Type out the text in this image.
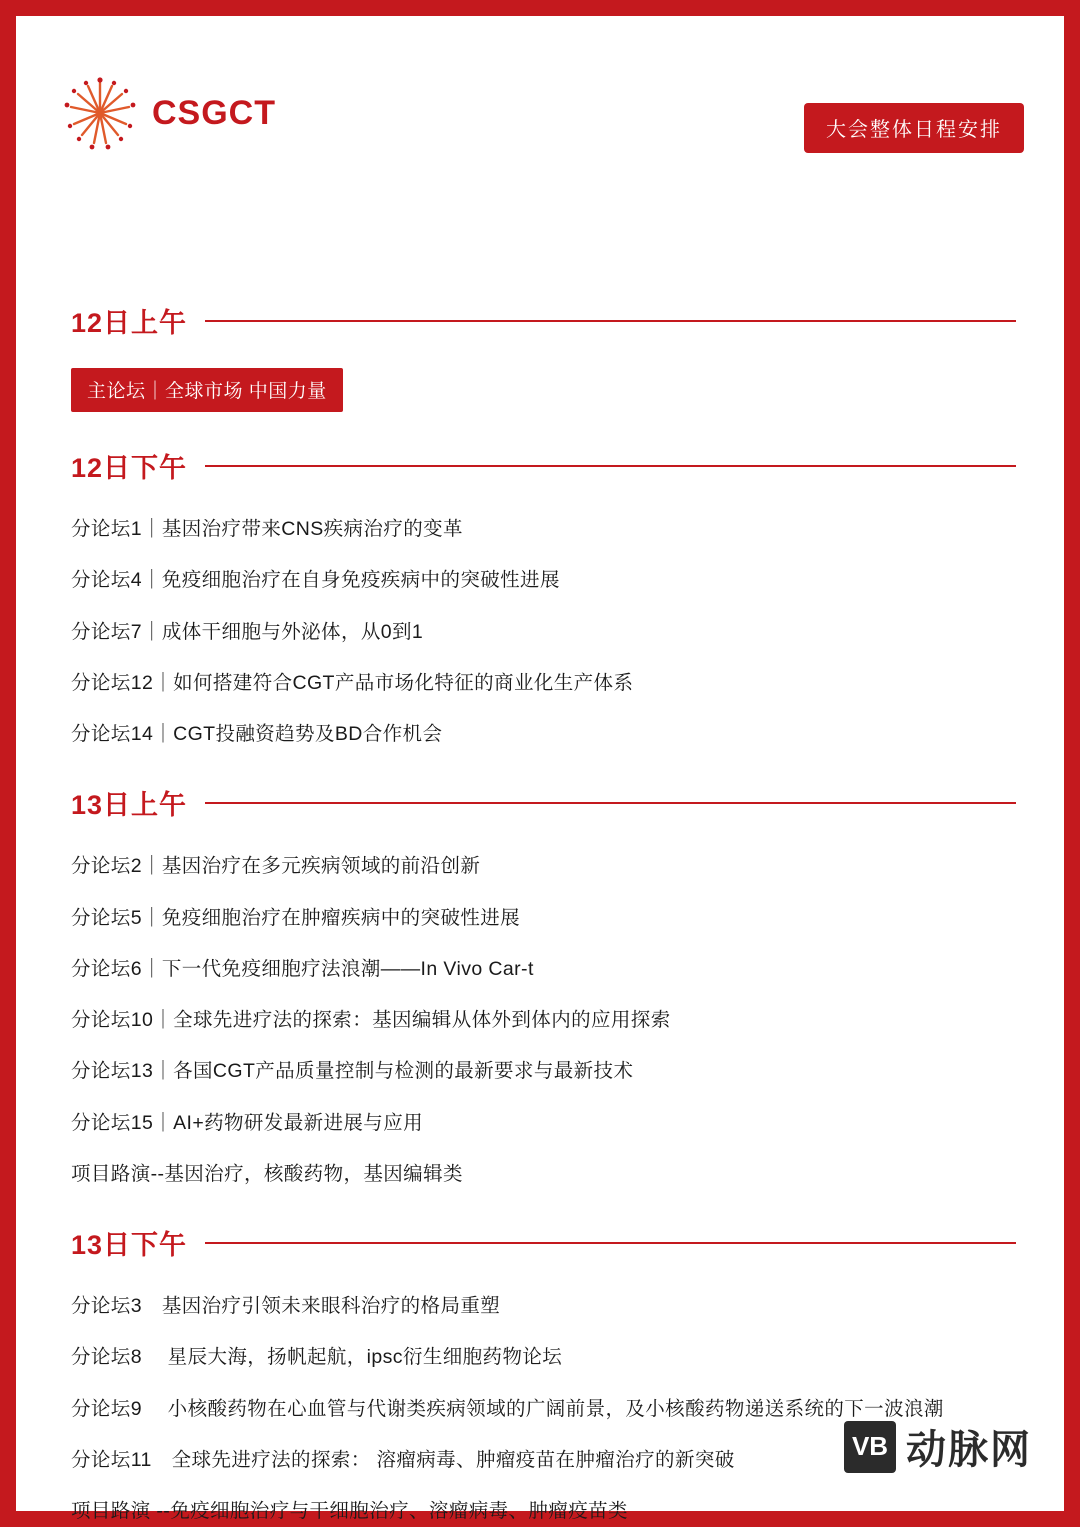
CSGCT	大会整体日程安排
12日上午
主论坛｜全球市场 中国力量
12日下午
分论坛1｜基因治疗带来CNS疾病治疗的变革
分论坛4｜免疫细胞治疗在自身免疫疾病中的突破性进展
分论坛7｜成体干细胞与外泌体，从0到1
分论坛12｜如何搭建符合CGT产品市场化特征的商业化生产体系
分论坛14｜CGT投融资趋势及BD合作机会
13日上午
分论坛2｜基因治疗在多元疾病领域的前沿创新
分论坛5｜免疫细胞治疗在肿瘤疾病中的突破性进展
分论坛6｜下一代免疫细胞疗法浪潮——In Vivo Car-t
分论坛10｜全球先进疗法的探索：基因编辑从体外到体内的应用探索
分论坛13｜各国CGT产品质量控制与检测的最新要求与最新技术
分论坛15｜AI+药物研发最新进展与应用
项目路演--基因治疗，核酸药物，基因编辑类
13日下午
分论坛3　基因治疗引领未来眼科治疗的格局重塑
分论坛8　 星辰大海，扬帆起航，ipsc衍生细胞药物论坛
分论坛9　 小核酸药物在心血管与代谢类疾病领域的广阔前景，及小核酸药物递送系统的下一波浪潮
分论坛11　全球先进疗法的探索： 溶瘤病毒、肿瘤疫苗在肿瘤治疗的新突破
项目路演 --免疫细胞治疗与干细胞治疗、溶瘤病毒、肿瘤疫苗类
VB 动脉网
